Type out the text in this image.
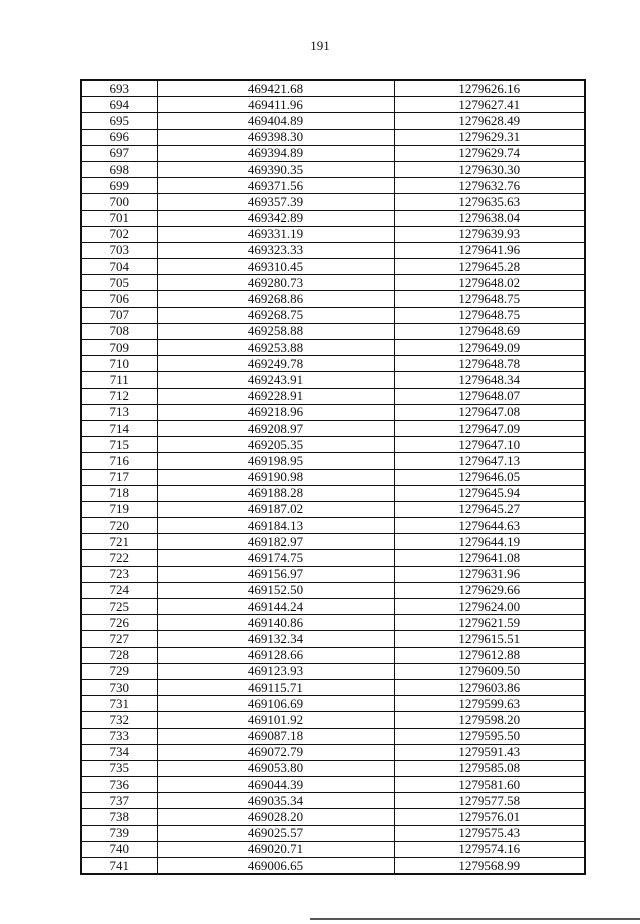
191
693	469421.68	1279626.16
694	469411.96	1279627.41
695	469404.89	1279628.49
696	469398.30	1279629.31
697	469394.89	1279629.74
698	469390.35	1279630.30
699	469371.56	1279632.76
700	469357.39	1279635.63
701	469342.89	1279638.04
702	469331.19	1279639.93
703	469323.33	1279641.96
704	469310.45	1279645.28
705	469280.73	1279648.02
706	469268.86	1279648.75
707	469268.75	1279648.75
708	469258.88	1279648.69
709	469253.88	1279649.09
710	469249.78	1279648.78
711	469243.91	1279648.34
712	469228.91	1279648.07
713	469218.96	1279647.08
714	469208.97	1279647.09
715	469205.35	1279647.10
716	469198.95	1279647.13
717	469190.98	1279646.05
718	469188.28	1279645.94
719	469187.02	1279645.27
720	469184.13	1279644.63
721	469182.97	1279644.19
722	469174.75	1279641.08
723	469156.97	1279631.96
724	469152.50	1279629.66
725	469144.24	1279624.00
726	469140.86	1279621.59
727	469132.34	1279615.51
728	469128.66	1279612.88
729	469123.93	1279609.50
730	469115.71	1279603.86
731	469106.69	1279599.63
732	469101.92	1279598.20
733	469087.18	1279595.50
734	469072.79	1279591.43
735	469053.80	1279585.08
736	469044.39	1279581.60
737	469035.34	1279577.58
738	469028.20	1279576.01
739	469025.57	1279575.43
740	469020.71	1279574.16
741	469006.65	1279568.99
